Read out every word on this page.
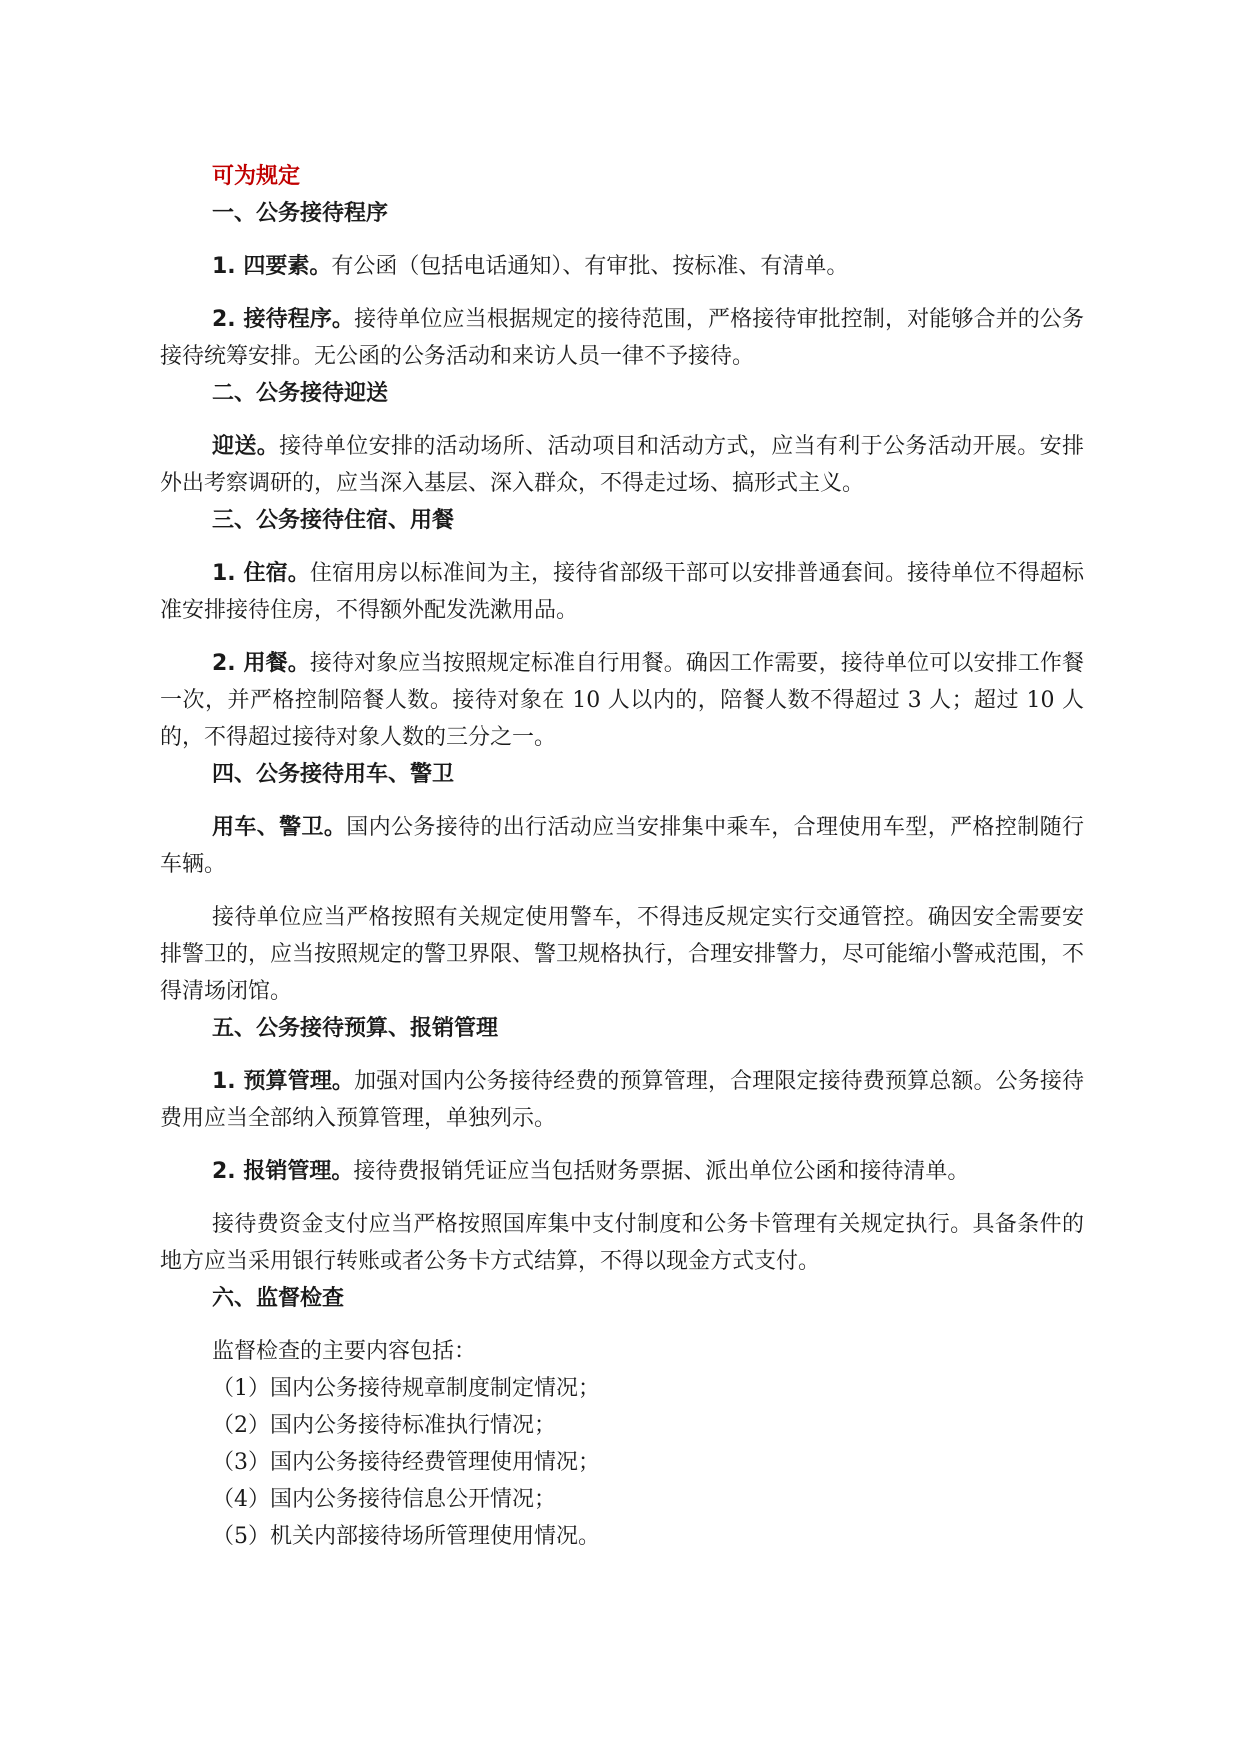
可为规定

一、公务接待程序

1. 四要素。有公函（包括电话通知）、有审批、按标准、有清单。

2. 接待程序。接待单位应当根据规定的接待范围，严格接待审批控制，对能够合并的公务接待统筹安排。无公函的公务活动和来访人员一律不予接待。

二、公务接待迎送

迎送。接待单位安排的活动场所、活动项目和活动方式，应当有利于公务活动开展。安排外出考察调研的，应当深入基层、深入群众，不得走过场、搞形式主义。

三、公务接待住宿、用餐

1. 住宿。住宿用房以标准间为主，接待省部级干部可以安排普通套间。接待单位不得超标准安排接待住房，不得额外配发洗漱用品。

2. 用餐。接待对象应当按照规定标准自行用餐。确因工作需要，接待单位可以安排工作餐一次，并严格控制陪餐人数。接待对象在 10 人以内的，陪餐人数不得超过 3 人；超过 10 人的，不得超过接待对象人数的三分之一。

四、公务接待用车、警卫

用车、警卫。国内公务接待的出行活动应当安排集中乘车，合理使用车型，严格控制随行车辆。

接待单位应当严格按照有关规定使用警车，不得违反规定实行交通管控。确因安全需要安排警卫的，应当按照规定的警卫界限、警卫规格执行，合理安排警力，尽可能缩小警戒范围，不得清场闭馆。

五、公务接待预算、报销管理

1. 预算管理。加强对国内公务接待经费的预算管理，合理限定接待费预算总额。公务接待费用应当全部纳入预算管理，单独列示。

2. 报销管理。接待费报销凭证应当包括财务票据、派出单位公函和接待清单。

接待费资金支付应当严格按照国库集中支付制度和公务卡管理有关规定执行。具备条件的地方应当采用银行转账或者公务卡方式结算，不得以现金方式支付。

六、监督检查

监督检查的主要内容包括：

（1）国内公务接待规章制度制定情况；

（2）国内公务接待标准执行情况；

（3）国内公务接待经费管理使用情况；

（4）国内公务接待信息公开情况；

（5）机关内部接待场所管理使用情况。
